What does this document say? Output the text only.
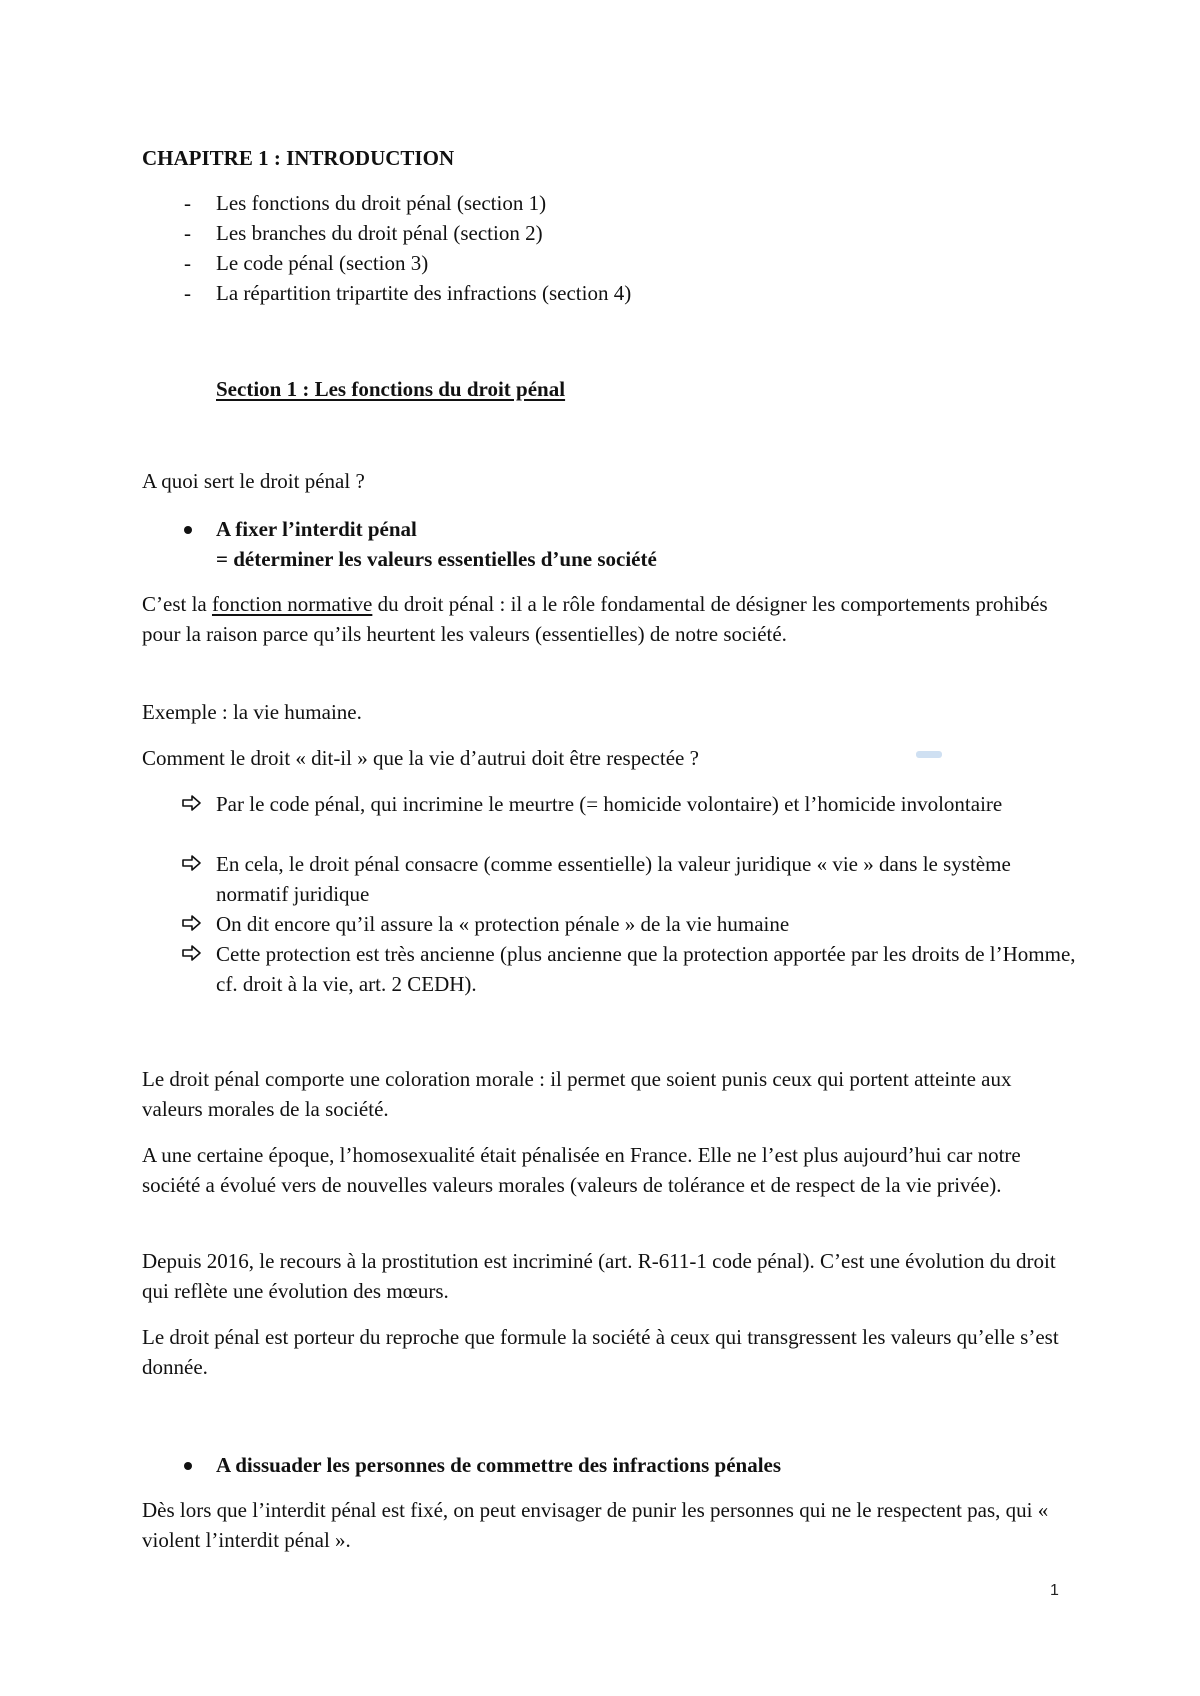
CHAPITRE 1 : INTRODUCTION
- Les fonctions du droit pénal (section 1)
- Les branches du droit pénal (section 2)
- Le code pénal (section 3)
- La répartition tripartite des infractions (section 4)
Section 1 : Les fonctions du droit pénal
A quoi sert le droit pénal ?
A fixer l’interdit pénal
= déterminer les valeurs essentielles d’une société
C’est la fonction normative du droit pénal : il a le rôle fondamental de désigner les comportements prohibés pour la raison parce qu’ils heurtent les valeurs (essentielles) de notre société.
Exemple : la vie humaine.
Comment le droit « dit-il » que la vie d’autrui doit être respectée ?
Par le code pénal, qui incrimine le meurtre (= homicide volontaire) et l’homicide involontaire
En cela, le droit pénal consacre (comme essentielle) la valeur juridique « vie » dans le système normatif juridique
On dit encore qu’il assure la « protection pénale » de la vie humaine
Cette protection est très ancienne (plus ancienne que la protection apportée par les droits de l’Homme, cf. droit à la vie, art. 2 CEDH).
Le droit pénal comporte une coloration morale : il permet que soient punis ceux qui portent atteinte aux valeurs morales de la société.
A une certaine époque, l’homosexualité était pénalisée en France. Elle ne l’est plus aujourd’hui car notre société a évolué vers de nouvelles valeurs morales (valeurs de tolérance et de respect de la vie privée).
Depuis 2016, le recours à la prostitution est incriminé (art. R-611-1 code pénal). C’est une évolution du droit qui reflète une évolution des mœurs.
Le droit pénal est porteur du reproche que formule la société à ceux qui transgressent les valeurs qu’elle s’est donnée.
A dissuader les personnes de commettre des infractions pénales
Dès lors que l’interdit pénal est fixé, on peut envisager de punir les personnes qui ne le respectent pas, qui « violent l’interdit pénal ».
1
